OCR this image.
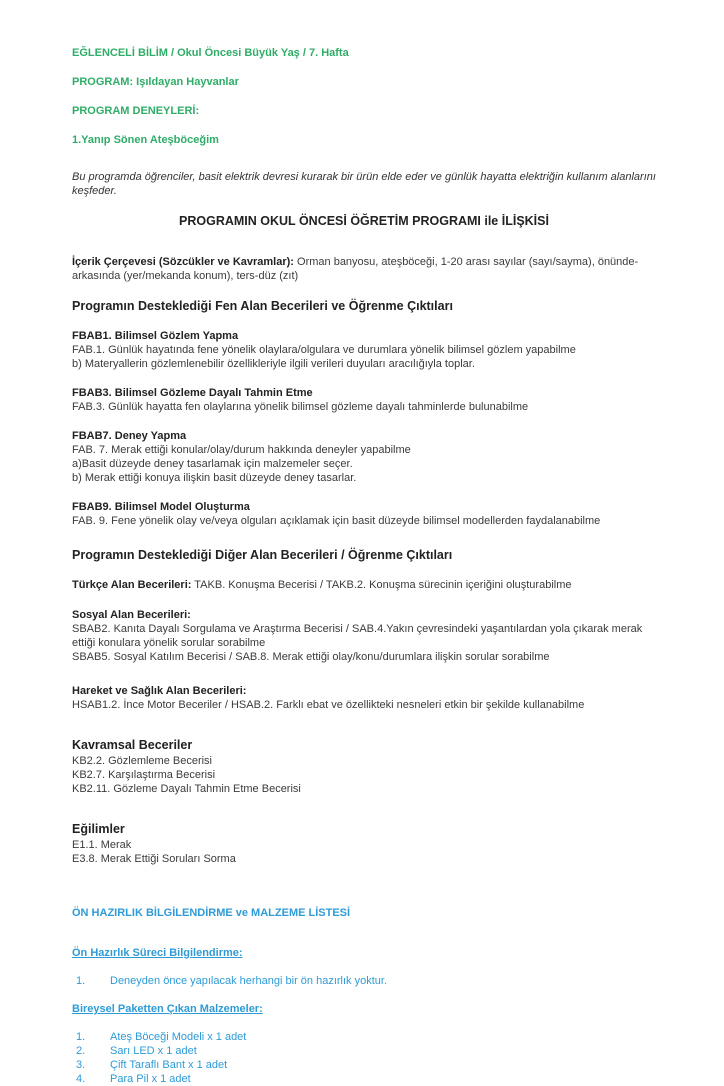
EĞLENCELİ BİLİM / Okul Öncesi Büyük Yaş / 7. Hafta

PROGRAM: Işıldayan Hayvanlar

PROGRAM DENEYLERİ:

1.Yanıp Sönen Ateşböceğim

Bu programda öğrenciler, basit elektrik devresi kurarak bir ürün elde eder ve günlük hayatta elektriğin kullanım alanlarını keşfeder.

PROGRAMIN OKUL ÖNCESİ ÖĞRETİM PROGRAMI ile İLİŞKİSİ

İçerik Çerçevesi (Sözcükler ve Kavramlar): Orman banyosu, ateşböceği, 1-20 arası sayılar (sayı/sayma), önünde-arkasında (yer/mekanda konum), ters-düz (zıt)

Programın Desteklediği Fen Alan Becerileri ve Öğrenme Çıktıları

FBAB1. Bilimsel Gözlem Yapma
FAB.1. Günlük hayatında fene yönelik olaylara/olgulara ve durumlara yönelik bilimsel gözlem yapabilme
b) Materyallerin gözlemlenebilir özellikleriyle ilgili verileri duyuları aracılığıyla toplar.
FBAB3. Bilimsel Gözleme Dayalı Tahmin Etme
FAB.3. Günlük hayatta fen olaylarına yönelik bilimsel gözleme dayalı tahminlerde bulunabilme
FBAB7. Deney Yapma
FAB. 7. Merak ettiği konular/olay/durum hakkında deneyler yapabilme
a)Basit düzeyde deney tasarlamak için malzemeler seçer.
b) Merak ettiği konuya ilişkin basit düzeyde deney tasarlar.
FBAB9. Bilimsel Model Oluşturma
FAB. 9. Fene yönelik olay ve/veya olguları açıklamak için basit düzeyde bilimsel modellerden faydalanabilme

Programın Desteklediği Diğer Alan Becerileri / Öğrenme Çıktıları

Türkçe Alan Becerileri: TAKB. Konuşma Becerisi / TAKB.2. Konuşma sürecinin içeriğini oluşturabilme

Sosyal Alan Becerileri:
SBAB2. Kanıta Dayalı Sorgulama ve Araştırma Becerisi / SAB.4.Yakın çevresindeki yaşantılardan yola çıkarak merak ettiği konulara yönelik sorular sorabilme
SBAB5. Sosyal Katılım Becerisi / SAB.8. Merak ettiği olay/konu/durumlara ilişkin sorular sorabilme
Hareket ve Sağlık Alan Becerileri:
HSAB1.2. İnce Motor Beceriler / HSAB.2. Farklı ebat ve özellikteki nesneleri etkin bir şekilde kullanabilme
Kavramsal Beceriler
KB2.2. Gözlemleme Becerisi
KB2.7. Karşılaştırma Becerisi
KB2.11. Gözleme Dayalı Tahmin Etme Becerisi
Eğilimler
E1.1. Merak
E3.8. Merak Ettiği Soruları Sorma

ÖN HAZIRLIK BİLGİLENDİRME ve MALZEME LİSTESİ

Ön Hazırlık Süreci Bilgilendirme:

1.	Deneyden önce yapılacak herhangi bir ön hazırlık yoktur.

Bireysel Paketten Çıkan Malzemeler:

1.	Ateş Böceği Modeli x 1 adet
2.	Sarı LED x 1 adet
3.	Çift Taraflı Bant x 1 adet
4.	Para Pil x 1 adet
